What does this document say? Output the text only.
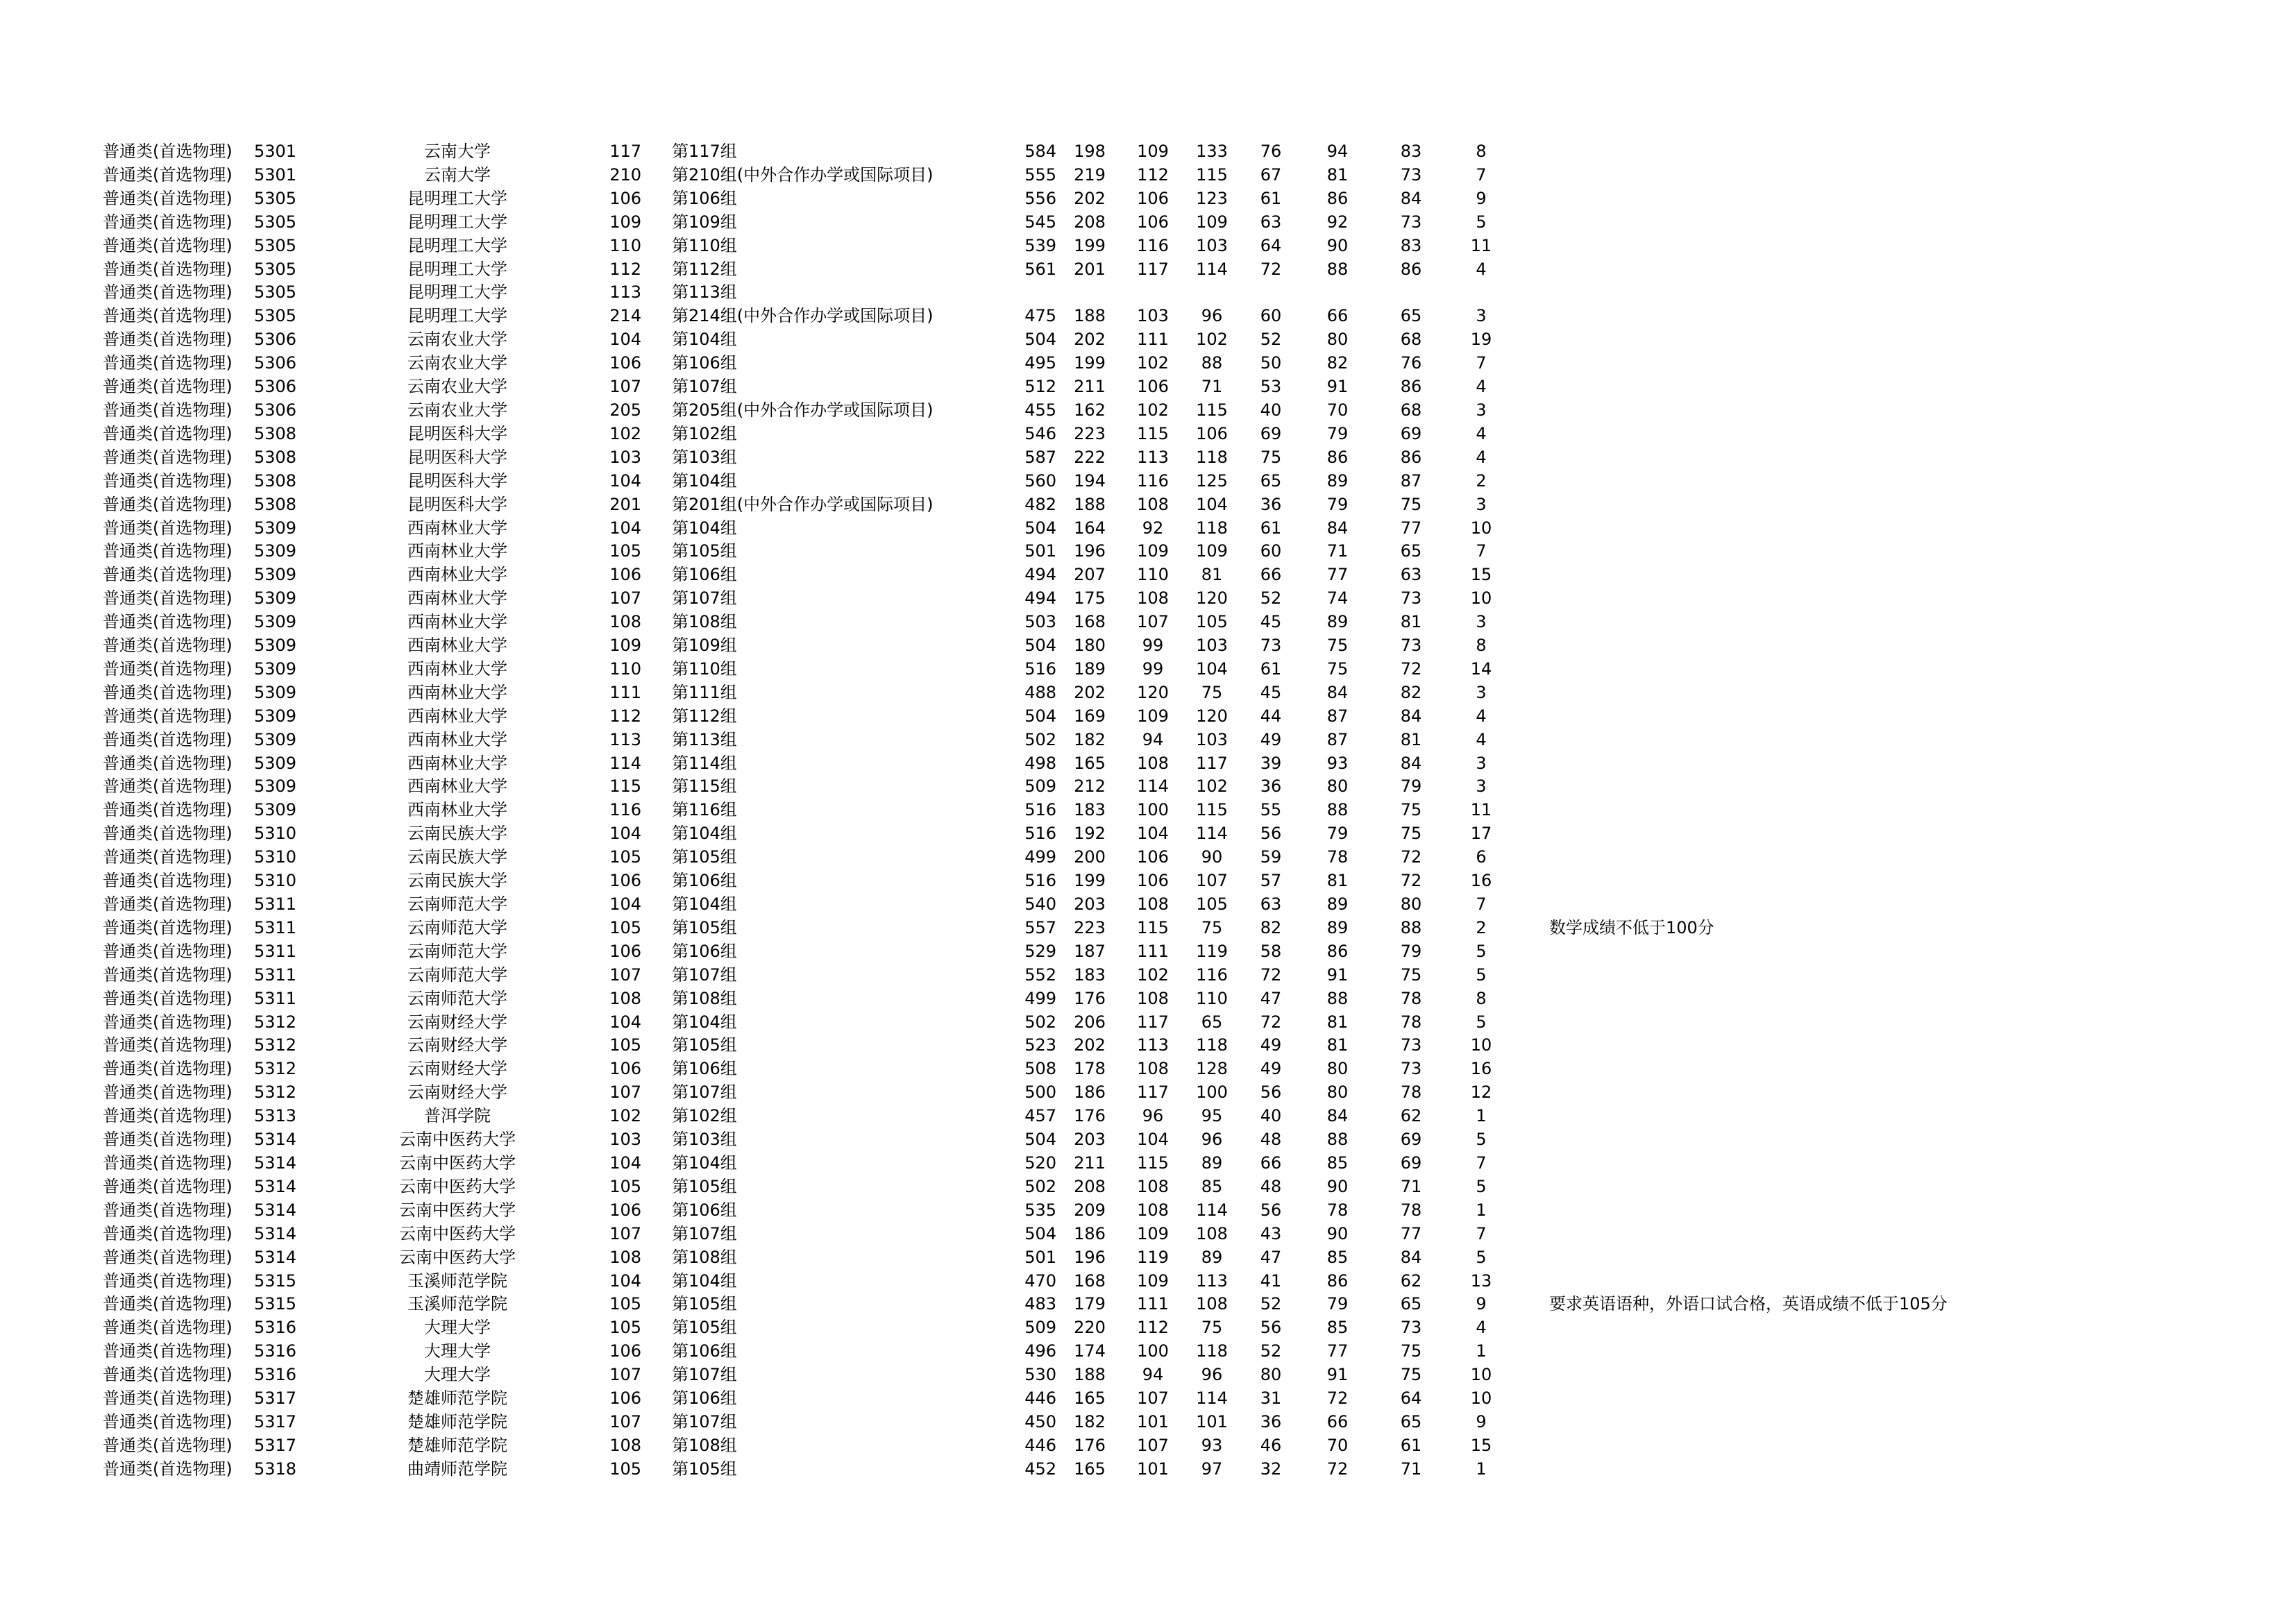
普通类(首选物理)	5301	云南大学	117	第117组	584	198	109	133	76	94	83	8	
普通类(首选物理)	5301	云南大学	210	第210组(中外合作办学或国际项目)	555	219	112	115	67	81	73	7	
普通类(首选物理)	5305	昆明理工大学	106	第106组	556	202	106	123	61	86	84	9	
普通类(首选物理)	5305	昆明理工大学	109	第109组	545	208	106	109	63	92	73	5	
普通类(首选物理)	5305	昆明理工大学	110	第110组	539	199	116	103	64	90	83	11	
普通类(首选物理)	5305	昆明理工大学	112	第112组	561	201	117	114	72	88	86	4	
普通类(首选物理)	5305	昆明理工大学	113	第113组									
普通类(首选物理)	5305	昆明理工大学	214	第214组(中外合作办学或国际项目)	475	188	103	96	60	66	65	3	
普通类(首选物理)	5306	云南农业大学	104	第104组	504	202	111	102	52	80	68	19	
普通类(首选物理)	5306	云南农业大学	106	第106组	495	199	102	88	50	82	76	7	
普通类(首选物理)	5306	云南农业大学	107	第107组	512	211	106	71	53	91	86	4	
普通类(首选物理)	5306	云南农业大学	205	第205组(中外合作办学或国际项目)	455	162	102	115	40	70	68	3	
普通类(首选物理)	5308	昆明医科大学	102	第102组	546	223	115	106	69	79	69	4	
普通类(首选物理)	5308	昆明医科大学	103	第103组	587	222	113	118	75	86	86	4	
普通类(首选物理)	5308	昆明医科大学	104	第104组	560	194	116	125	65	89	87	2	
普通类(首选物理)	5308	昆明医科大学	201	第201组(中外合作办学或国际项目)	482	188	108	104	36	79	75	3	
普通类(首选物理)	5309	西南林业大学	104	第104组	504	164	92	118	61	84	77	10	
普通类(首选物理)	5309	西南林业大学	105	第105组	501	196	109	109	60	71	65	7	
普通类(首选物理)	5309	西南林业大学	106	第106组	494	207	110	81	66	77	63	15	
普通类(首选物理)	5309	西南林业大学	107	第107组	494	175	108	120	52	74	73	10	
普通类(首选物理)	5309	西南林业大学	108	第108组	503	168	107	105	45	89	81	3	
普通类(首选物理)	5309	西南林业大学	109	第109组	504	180	99	103	73	75	73	8	
普通类(首选物理)	5309	西南林业大学	110	第110组	516	189	99	104	61	75	72	14	
普通类(首选物理)	5309	西南林业大学	111	第111组	488	202	120	75	45	84	82	3	
普通类(首选物理)	5309	西南林业大学	112	第112组	504	169	109	120	44	87	84	4	
普通类(首选物理)	5309	西南林业大学	113	第113组	502	182	94	103	49	87	81	4	
普通类(首选物理)	5309	西南林业大学	114	第114组	498	165	108	117	39	93	84	3	
普通类(首选物理)	5309	西南林业大学	115	第115组	509	212	114	102	36	80	79	3	
普通类(首选物理)	5309	西南林业大学	116	第116组	516	183	100	115	55	88	75	11	
普通类(首选物理)	5310	云南民族大学	104	第104组	516	192	104	114	56	79	75	17	
普通类(首选物理)	5310	云南民族大学	105	第105组	499	200	106	90	59	78	72	6	
普通类(首选物理)	5310	云南民族大学	106	第106组	516	199	106	107	57	81	72	16	
普通类(首选物理)	5311	云南师范大学	104	第104组	540	203	108	105	63	89	80	7	
普通类(首选物理)	5311	云南师范大学	105	第105组	557	223	115	75	82	89	88	2	数学成绩不低于100分
普通类(首选物理)	5311	云南师范大学	106	第106组	529	187	111	119	58	86	79	5	
普通类(首选物理)	5311	云南师范大学	107	第107组	552	183	102	116	72	91	75	5	
普通类(首选物理)	5311	云南师范大学	108	第108组	499	176	108	110	47	88	78	8	
普通类(首选物理)	5312	云南财经大学	104	第104组	502	206	117	65	72	81	78	5	
普通类(首选物理)	5312	云南财经大学	105	第105组	523	202	113	118	49	81	73	10	
普通类(首选物理)	5312	云南财经大学	106	第106组	508	178	108	128	49	80	73	16	
普通类(首选物理)	5312	云南财经大学	107	第107组	500	186	117	100	56	80	78	12	
普通类(首选物理)	5313	普洱学院	102	第102组	457	176	96	95	40	84	62	1	
普通类(首选物理)	5314	云南中医药大学	103	第103组	504	203	104	96	48	88	69	5	
普通类(首选物理)	5314	云南中医药大学	104	第104组	520	211	115	89	66	85	69	7	
普通类(首选物理)	5314	云南中医药大学	105	第105组	502	208	108	85	48	90	71	5	
普通类(首选物理)	5314	云南中医药大学	106	第106组	535	209	108	114	56	78	78	1	
普通类(首选物理)	5314	云南中医药大学	107	第107组	504	186	109	108	43	90	77	7	
普通类(首选物理)	5314	云南中医药大学	108	第108组	501	196	119	89	47	85	84	5	
普通类(首选物理)	5315	玉溪师范学院	104	第104组	470	168	109	113	41	86	62	13	
普通类(首选物理)	5315	玉溪师范学院	105	第105组	483	179	111	108	52	79	65	9	要求英语语种，外语口试合格，英语成绩不低于105分
普通类(首选物理)	5316	大理大学	105	第105组	509	220	112	75	56	85	73	4	
普通类(首选物理)	5316	大理大学	106	第106组	496	174	100	118	52	77	75	1	
普通类(首选物理)	5316	大理大学	107	第107组	530	188	94	96	80	91	75	10	
普通类(首选物理)	5317	楚雄师范学院	106	第106组	446	165	107	114	31	72	64	10	
普通类(首选物理)	5317	楚雄师范学院	107	第107组	450	182	101	101	36	66	65	9	
普通类(首选物理)	5317	楚雄师范学院	108	第108组	446	176	107	93	46	70	61	15	
普通类(首选物理)	5318	曲靖师范学院	105	第105组	452	165	101	97	32	72	71	1	
